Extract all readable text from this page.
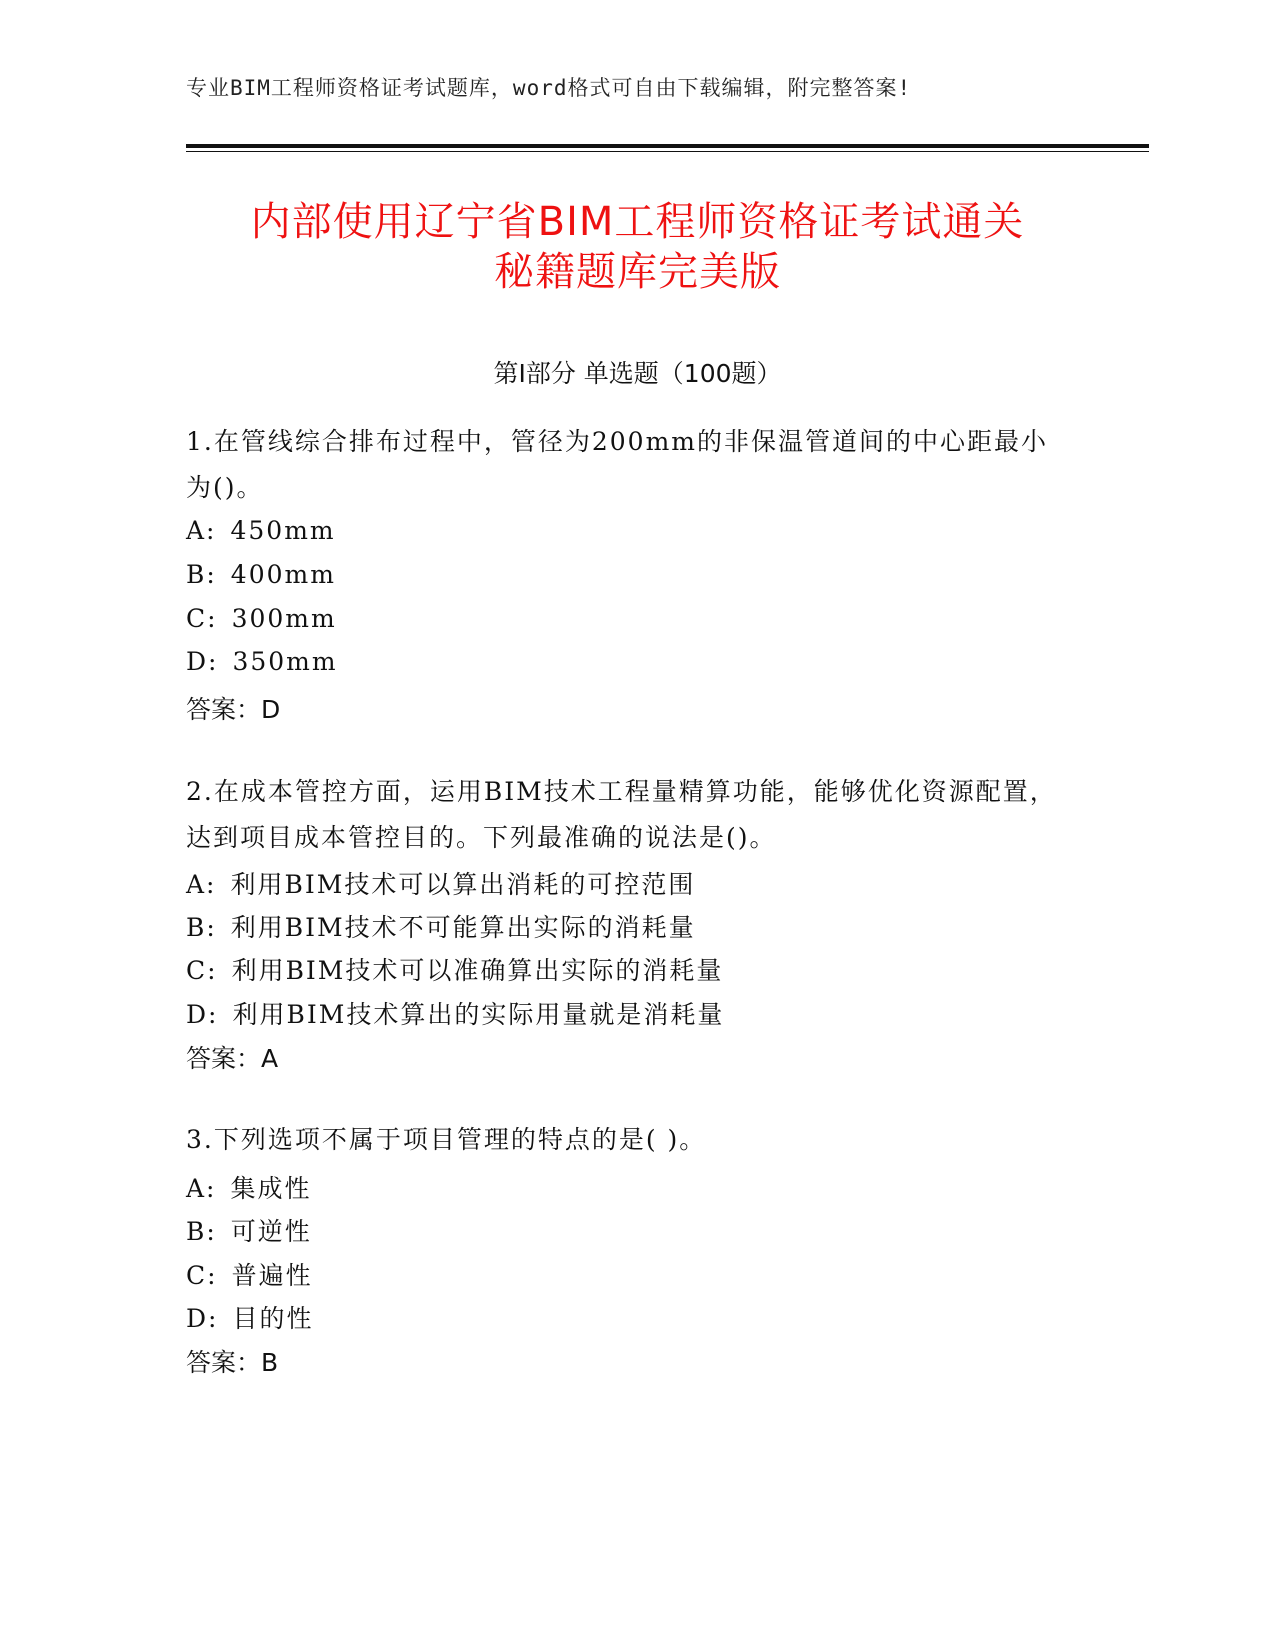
专业BIM工程师资格证考试题库，word格式可自由下载编辑，附完整答案!
内部使用辽宁省BIM工程师资格证考试通关
秘籍题库完美版
第Ⅰ部分 单选题（100题）
1.在管线综合排布过程中，管径为200mm的非保温管道间的中心距最小为()。
A: 450mm
B: 400mm
C: 300mm
D: 350mm
答案：D
2.在成本管控方面，运用BIM技术工程量精算功能，能够优化资源配置，达到项目成本管控目的。下列最准确的说法是()。
A: 利用BIM技术可以算出消耗的可控范围
B: 利用BIM技术不可能算出实际的消耗量
C: 利用BIM技术可以准确算出实际的消耗量
D: 利用BIM技术算出的实际用量就是消耗量
答案：A
3.下列选项不属于项目管理的特点的是( )。
A: 集成性
B: 可逆性
C: 普遍性
D: 目的性
答案：B
